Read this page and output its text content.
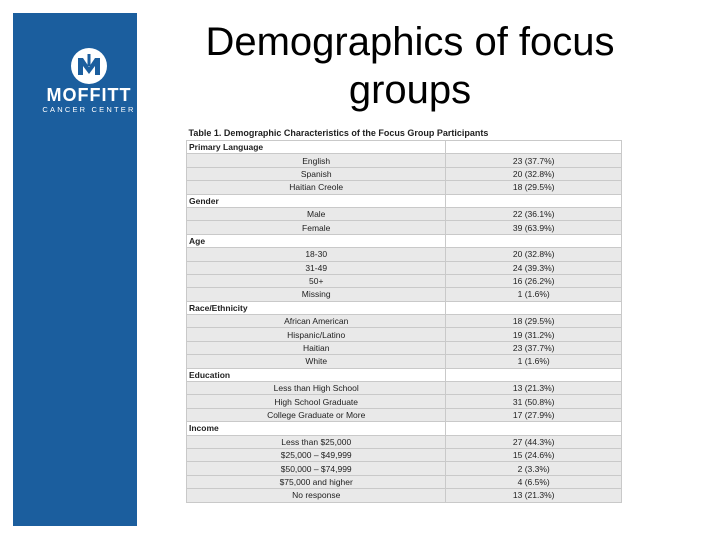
MOFFITT
CANCER CENTER
Demographics of focus
groups
Table 1. Demographic Characteristics of the Focus Group Participants	
Primary Language	
English	23 (37.7%)
Spanish	20 (32.8%)
Haitian Creole	18 (29.5%)
Gender	
Male	22 (36.1%)
Female	39 (63.9%)
Age	
18-30	20 (32.8%)
31-49	24 (39.3%)
50+	16 (26.2%)
Missing	1 (1.6%)
Race/Ethnicity	
African American	18 (29.5%)
Hispanic/Latino	19 (31.2%)
Haitian	23 (37.7%)
White	1 (1.6%)
Education	
Less than High School	13 (21.3%)
High School Graduate	31 (50.8%)
College Graduate or More	17 (27.9%)
Income	
Less than $25,000	27 (44.3%)
$25,000 – $49,999	15 (24.6%)
$50,000 – $74,999	2 (3.3%)
$75,000 and higher	4 (6.5%)
No response	13 (21.3%)
